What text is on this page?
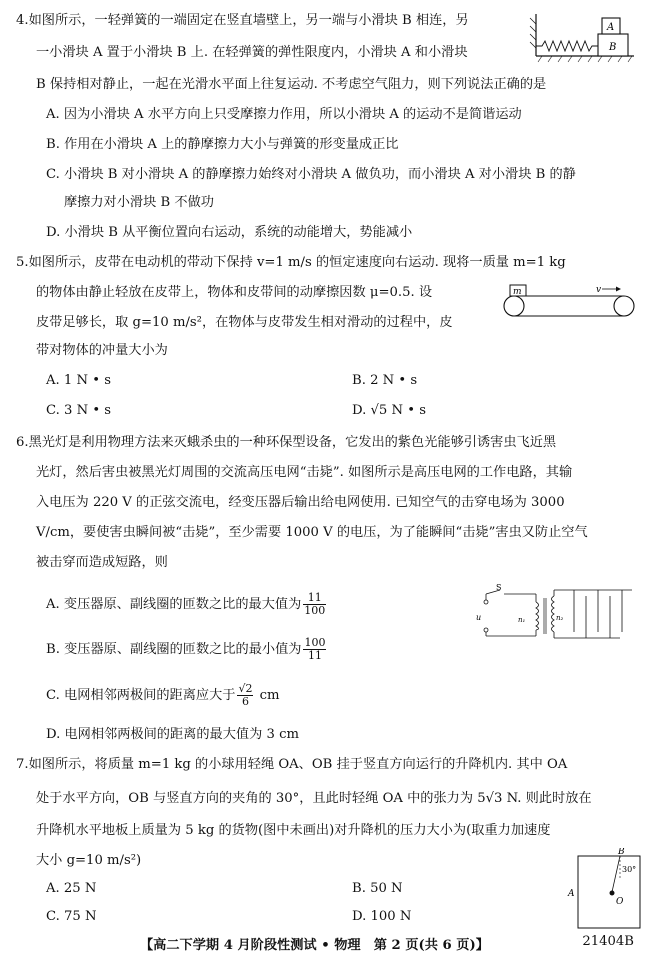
4.如图所示，一轻弹簧的一端固定在竖直墙壁上，另一端与小滑块 B 相连，另
一小滑块 A 置于小滑块 B 上. 在轻弹簧的弹性限度内，小滑块 A 和小滑块
B 保持相对静止，一起在光滑水平面上往复运动. 不考虑空气阻力，则下列说法正确的是
A. 因为小滑块 A 水平方向上只受摩擦力作用，所以小滑块 A 的运动不是简谐运动
B. 作用在小滑块 A 上的静摩擦力大小与弹簧的形变量成正比
C. 小滑块 B 对小滑块 A 的静摩擦力始终对小滑块 A 做负功，而小滑块 A 对小滑块 B 的静
摩擦力对小滑块 B 不做功
D. 小滑块 B 从平衡位置向右运动，系统的动能增大，势能减小
A
B
5.如图所示，皮带在电动机的带动下保持 v=1 m/s 的恒定速度向右运动. 现将一质量 m=1 kg
的物体由静止轻放在皮带上，物体和皮带间的动摩擦因数 μ=0.5. 设
皮带足够长，取 g=10 m/s²，在物体与皮带发生相对滑动的过程中，皮
带对物体的冲量大小为
A. 1 N • s	B. 2 N • s
C. 3 N • s	D. √5 N • s
m	v
6.黑光灯是利用物理方法来灭蛾杀虫的一种环保型设备，它发出的紫色光能够引诱害虫飞近黑
光灯，然后害虫被黑光灯周围的交流高压电网“击毙”. 如图所示是高压电网的工作电路，其输
入电压为 220 V 的正弦交流电，经变压器后输出给电网使用. 已知空气的击穿电场为 3000
V/cm，要使害虫瞬间被“击毙”，至少需要 1000 V 的电压，为了能瞬间“击毙”害虫又防止空气
被击穿而造成短路，则
A. 变压器原、副线圈的匝数之比的最大值为 $\frac{11}{100}$
B. 变压器原、副线圈的匝数之比的最小值为 $\frac{100}{11}$
C. 电网相邻两极间的距离应大于 $\frac{√2}{6}$ cm
D. 电网相邻两极间的距离的最大值为 3 cm
u
S
n₁	n₂
7.如图所示，将质量 m=1 kg 的小球用轻绳 OA、OB 挂于竖直方向运行的升降机内. 其中 OA
处于水平方向，OB 与竖直方向的夹角的 30°，且此时轻绳 OA 中的张力为 5√3 N. 则此时放在
升降机水平地板上质量为 5 kg 的货物(图中未画出)对升降机的压力大小为(取重力加速度
大小 g=10 m/s²)
A. 25 N	B. 50 N
C. 75 N	D. 100 N
A
B
O
30°
【高二下学期 4 月阶段性测试 • 物理　第 2 页(共 6 页)】	21404B
